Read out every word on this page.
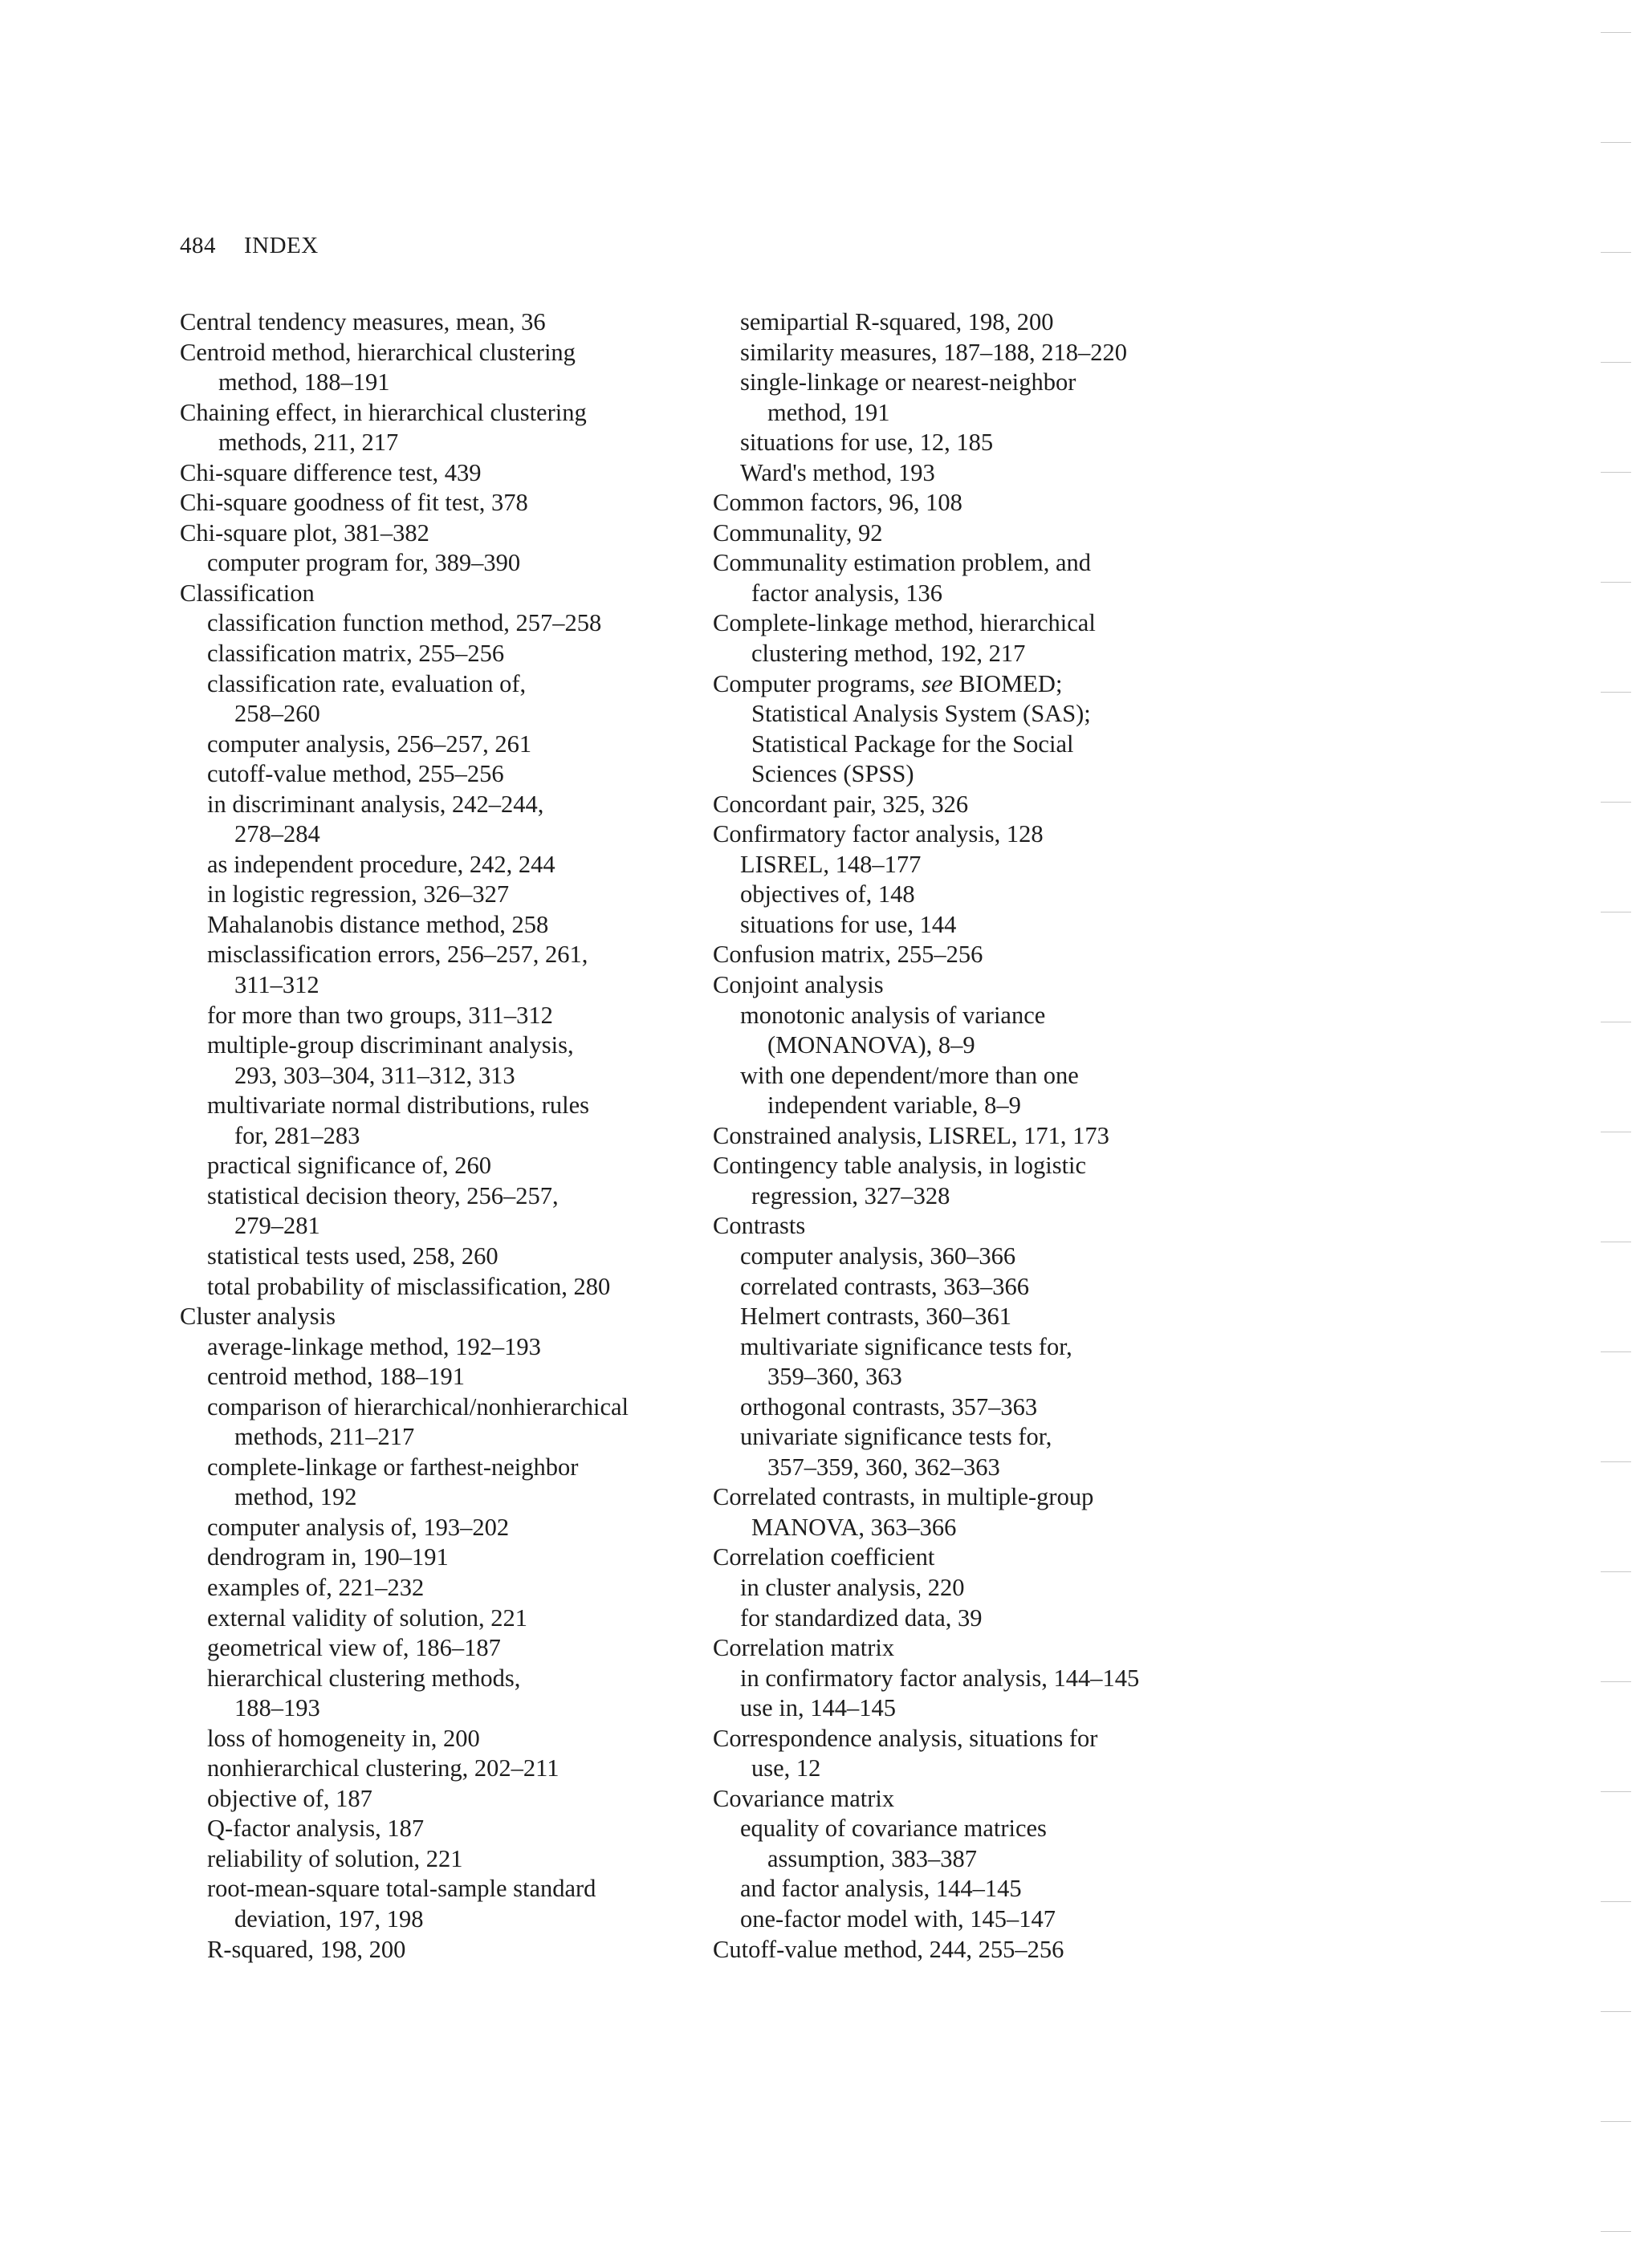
484 INDEX
Central tendency measures, mean, 36
Centroid method, hierarchical clustering
method, 188–191
Chaining effect, in hierarchical clustering
methods, 211, 217
Chi-square difference test, 439
Chi-square goodness of fit test, 378
Chi-square plot, 381–382
computer program for, 389–390
Classification
classification function method, 257–258
classification matrix, 255–256
classification rate, evaluation of,
258–260
computer analysis, 256–257, 261
cutoff-value method, 255–256
in discriminant analysis, 242–244,
278–284
as independent procedure, 242, 244
in logistic regression, 326–327
Mahalanobis distance method, 258
misclassification errors, 256–257, 261,
311–312
for more than two groups, 311–312
multiple-group discriminant analysis,
293, 303–304, 311–312, 313
multivariate normal distributions, rules
for, 281–283
practical significance of, 260
statistical decision theory, 256–257,
279–281
statistical tests used, 258, 260
total probability of misclassification, 280
Cluster analysis
average-linkage method, 192–193
centroid method, 188–191
comparison of hierarchical/nonhierarchical
methods, 211–217
complete-linkage or farthest-neighbor
method, 192
computer analysis of, 193–202
dendrogram in, 190–191
examples of, 221–232
external validity of solution, 221
geometrical view of, 186–187
hierarchical clustering methods,
188–193
loss of homogeneity in, 200
nonhierarchical clustering, 202–211
objective of, 187
Q-factor analysis, 187
reliability of solution, 221
root-mean-square total-sample standard
deviation, 197, 198
R-squared, 198, 200
semipartial R-squared, 198, 200
similarity measures, 187–188, 218–220
single-linkage or nearest-neighbor
method, 191
situations for use, 12, 185
Ward's method, 193
Common factors, 96, 108
Communality, 92
Communality estimation problem, and
factor analysis, 136
Complete-linkage method, hierarchical
clustering method, 192, 217
Computer programs, see BIOMED;
Statistical Analysis System (SAS);
Statistical Package for the Social
Sciences (SPSS)
Concordant pair, 325, 326
Confirmatory factor analysis, 128
LISREL, 148–177
objectives of, 148
situations for use, 144
Confusion matrix, 255–256
Conjoint analysis
monotonic analysis of variance
(MONANOVA), 8–9
with one dependent/more than one
independent variable, 8–9
Constrained analysis, LISREL, 171, 173
Contingency table analysis, in logistic
regression, 327–328
Contrasts
computer analysis, 360–366
correlated contrasts, 363–366
Helmert contrasts, 360–361
multivariate significance tests for,
359–360, 363
orthogonal contrasts, 357–363
univariate significance tests for,
357–359, 360, 362–363
Correlated contrasts, in multiple-group
MANOVA, 363–366
Correlation coefficient
in cluster analysis, 220
for standardized data, 39
Correlation matrix
in confirmatory factor analysis, 144–145
use in, 144–145
Correspondence analysis, situations for
use, 12
Covariance matrix
equality of covariance matrices
assumption, 383–387
and factor analysis, 144–145
one-factor model with, 145–147
Cutoff-value method, 244, 255–256
